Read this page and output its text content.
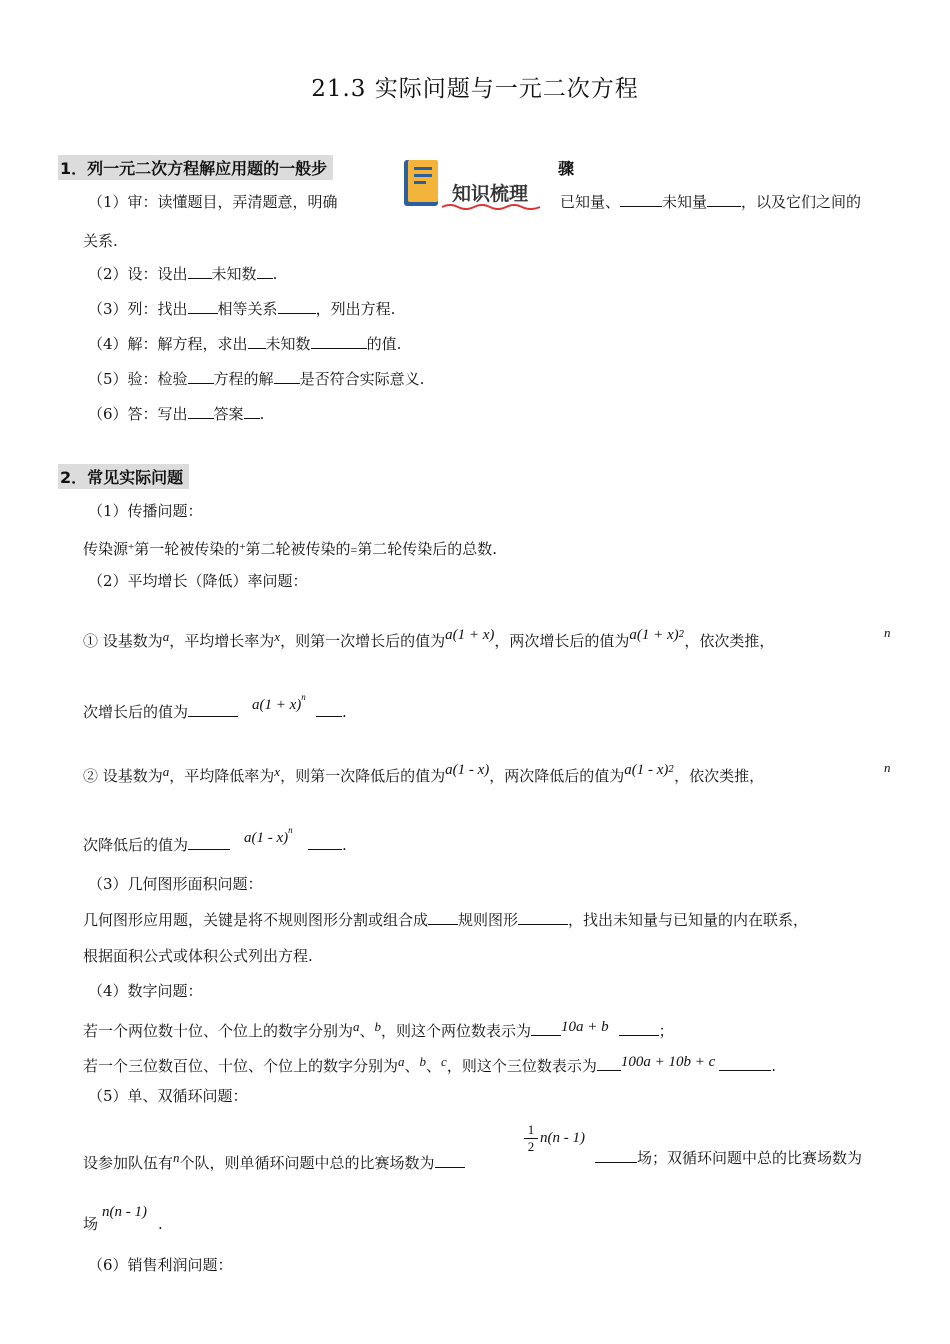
21.3 实际问题与一元二次方程
1．列一元二次方程解应用题的一般步	骤
知识梳理
（1）审：读懂题目，弄清题意，明确	已知量、	未知量 ，以及它们之间的
关系.
（2）设：设出 未知数 .
（3）列：找出 相等关系	，列出方程.
（4）解：解方程，求出 未知数	的值.
（5）验：检验 方程的解 是否符合实际意义.
（6）答：写出 答案 .
2．常见实际问题
（1）传播问题：
传染源+第一轮被传染的+第二轮被传染的=第二轮传染后的总数.
（2）平均增长（降低）率问题：
① 设基数为a，平均增长率为x，则第一次增长后的值为a(1 + x)，两次增长后的值为$a(1 + x)^2$，依次类推，	n
次增长后的值为	$a(1 + x)^n$
.
② 设基数为a，平均降低率为x，则第一次降低后的值为a(1 - x)，两次降低后的值为a(1 - x)$^2$，依次类推，	n
次降低后的值为	a(1 - x)$^n$
.
（3）几何图形面积问题：
几何图形应用题，关键是将不规则图形分割或组合成 规则图形	，找出未知量与已知量的内在联系，
根据面积公式或体积公式列出方程.
（4）数字问题：
若一个两位数十位、个位上的数字分别为a、b，则这个两位数表示为 10a + b	；
若一个三位数百位、十位、个位上的数字分别为a、b、c，则这个三位数表示为 100a + 10b + c	.
（5）单、双循环问题：
设参加队伍有n个队，则单循环问题中总的比赛场数为
1
2
n(n - 1)
场；双循环问题中总的比赛场数为
场
n(n - 1)
.
（6）销售利润问题：
